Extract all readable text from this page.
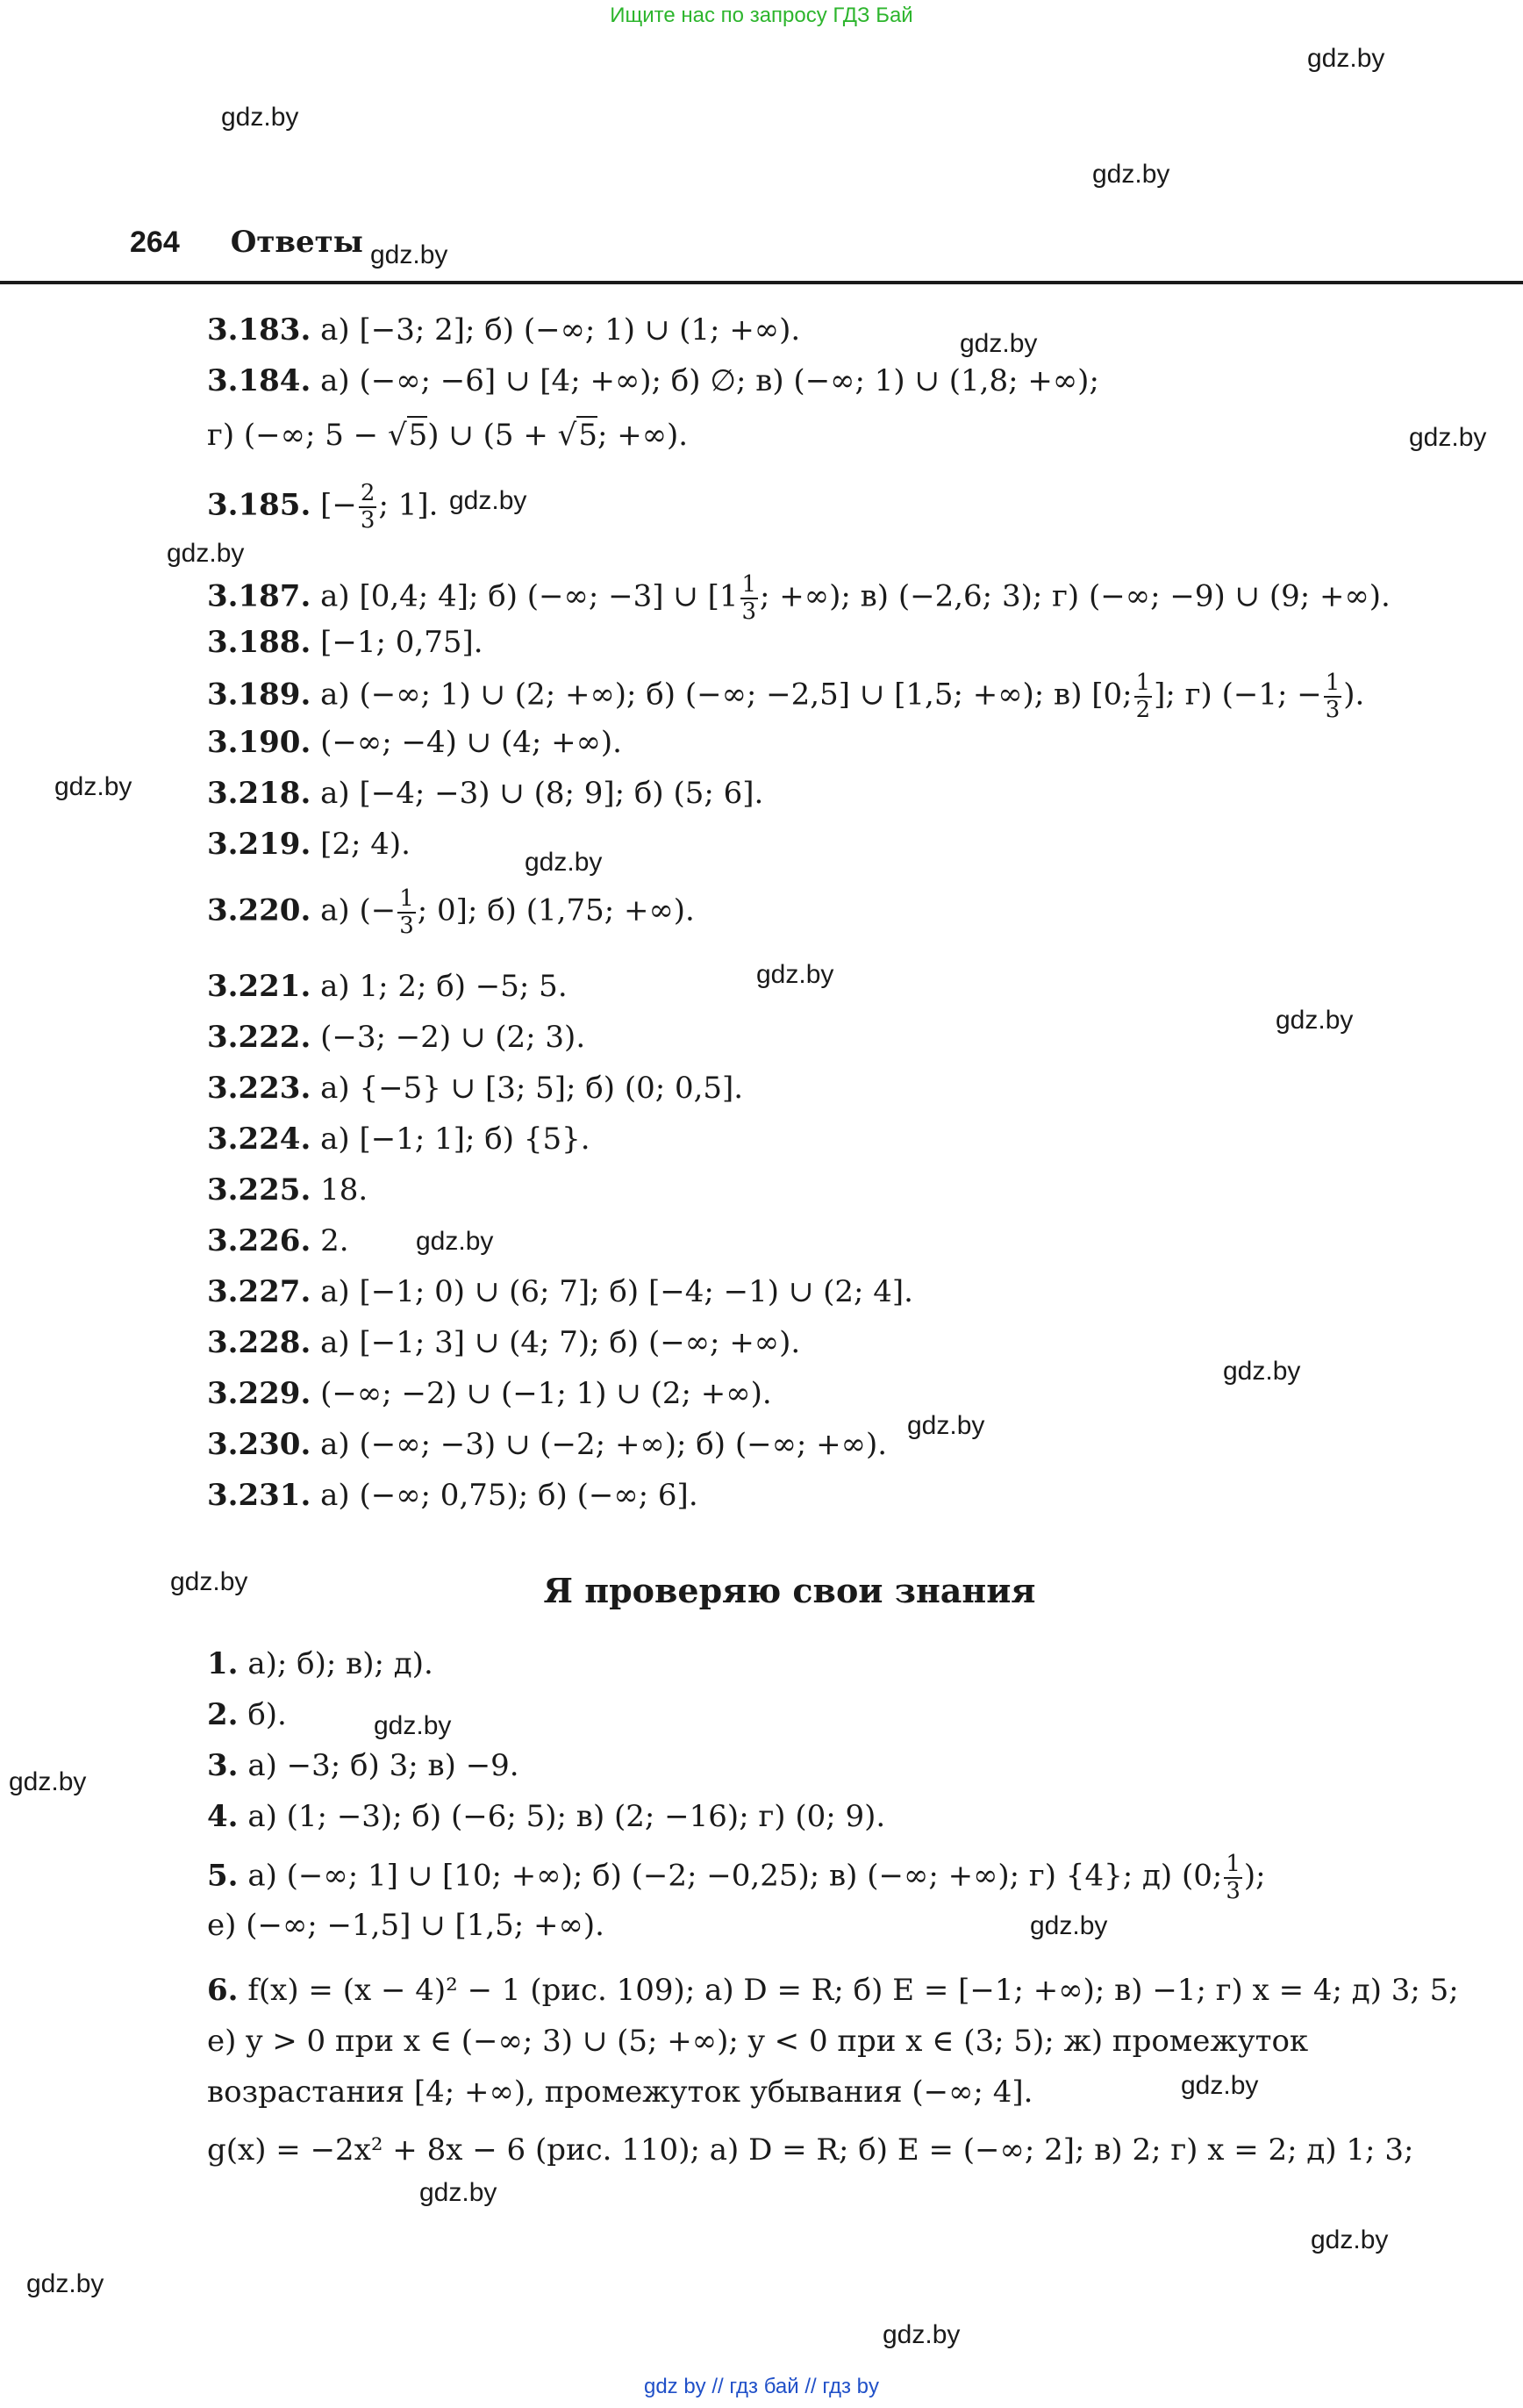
Ищите нас по запросу ГДЗ Бай
gdz.by
gdz.by
gdz.by
gdz.by
gdz.by
gdz.by
gdz.by
gdz.by
gdz.by
gdz.by
gdz.by
gdz.by
gdz.by
gdz.by
gdz.by
gdz.by
gdz.by
gdz.by
gdz.by
gdz.by
gdz.by
gdz.by
gdz.by
gdz.by
264 Ответы
3.183. а) [−3; 2]; б) (−∞; 1) ∪ (1; +∞).
3.184. а) (−∞; −6] ∪ [4; +∞); б) ∅; в) (−∞; 1) ∪ (1,8; +∞);
г) (−∞; 5 − √5) ∪ (5 + √5; +∞).
3.185. [− $\frac{2}{3}$ ; 1].
3.187. а) [0,4; 4]; б) (−∞; −3] ∪ [$1 \frac{1}{3}$ ; +∞); в) (−2,6; 3); г) (−∞; −9) ∪ (9; +∞).
3.188. [−1; 0,75].
3.189. а) (−∞; 1) ∪ (2; +∞); б) (−∞; −2,5] ∪ [1,5; +∞); в) [0; $\frac{1}{2}$ ]; г) (−1; − $\frac{1}{3}$ ).
3.190. (−∞; −4) ∪ (4; +∞).
3.218. а) [−4; −3) ∪ (8; 9]; б) (5; 6].
3.219. [2; 4).
3.220. а) (− $\frac{1}{3}$ ; 0]; б) (1,75; +∞).
3.221. а) 1; 2; б) −5; 5.
3.222. (−3; −2) ∪ (2; 3).
3.223. а) {−5} ∪ [3; 5]; б) (0; 0,5].
3.224. а) [−1; 1]; б) {5}.
3.225. 18.
3.226. 2.
3.227. а) [−1; 0) ∪ (6; 7]; б) [−4; −1) ∪ (2; 4].
3.228. а) [−1; 3] ∪ (4; 7); б) (−∞; +∞).
3.229. (−∞; −2) ∪ (−1; 1) ∪ (2; +∞).
3.230. а) (−∞; −3) ∪ (−2; +∞); б) (−∞; +∞).
3.231. а) (−∞; 0,75); б) (−∞; 6].
Я проверяю свои знания
1. а); б); в); д).
2. б).
3. а) −3; б) 3; в) −9.
4. а) (1; −3); б) (−6; 5); в) (2; −16); г) (0; 9).
5. а) (−∞; 1] ∪ [10; +∞); б) (−2; −0,25); в) (−∞; +∞); г) {4}; д) (0; $\frac{1}{3}$ );
е) (−∞; −1,5] ∪ [1,5; +∞).
6. f(x) = (x − 4)² − 1 (рис. 109); а) D = R; б) E = [−1; +∞); в) −1; г) x = 4; д) 3; 5;
е) y > 0 при x ∈ (−∞; 3) ∪ (5; +∞); y < 0 при x ∈ (3; 5); ж) промежуток
возрастания [4; +∞), промежуток убывания (−∞; 4].
g(x) = −2x² + 8x − 6 (рис. 110); а) D = R; б) E = (−∞; 2]; в) 2; г) x = 2; д) 1; 3;
gdz by // гдз бай // гдз by
